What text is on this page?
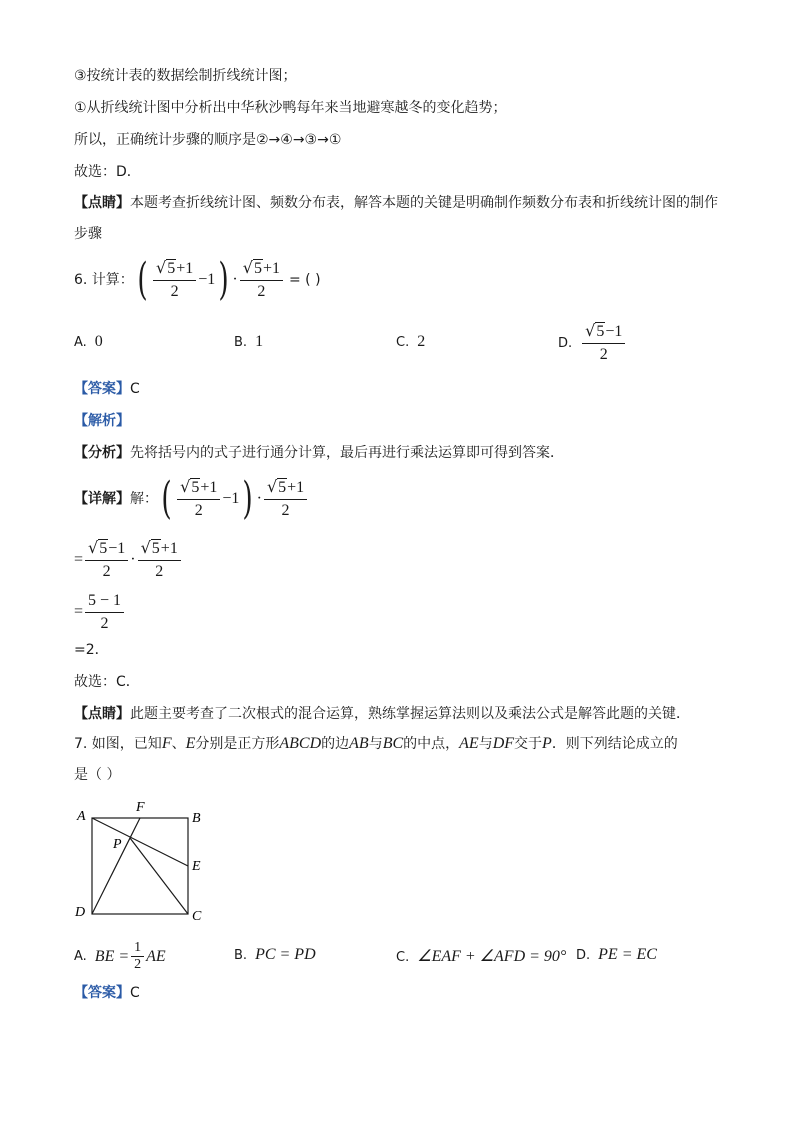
③按统计表的数据绘制折线统计图；
①从折线统计图中分析出中华秋沙鸭每年来当地避寒越冬的变化趋势；
所以，正确统计步骤的顺序是②→④→③→①
故选：D．
【点睛】本题考查折线统计图、频数分布表，解答本题的关键是明确制作频数分布表和折线统计图的制作
步骤
6. 计算： ( $\frac{√5+1}{2} -1$ ) · $\frac{√5+1}{2}$ = ( )
A. 0	B. 1	C. 2	D. $\frac{√5-1}{2}$
【答案】C
【解析】
【分析】先将括号内的式子进行通分计算，最后再进行乘法运算即可得到答案．
【详解】 解： ( $\frac{√5+1}{2} -1$ ) · $\frac{√5+1}{2}$
= $\frac{√5-1}{2} \cdot \frac{√5+1}{2}$
= $\frac{5 - 1}{2}$
=2．
故选：C．
【点睛】此题主要考查了二次根式的混合运算，熟练掌握运算法则以及乘法公式是解答此题的关键．
7. 如图，已知F、E分别是正方形ABCD的边AB与BC的中点，AE与DF交于P．则下列结论成立的
是（ ）
A
F
B
P
E
D	C
A. BE = $\frac{1}{2}$ AE	B. PC = PD	C. ∠EAF + ∠AFD = 90° D. PE = EC
【答案】C
